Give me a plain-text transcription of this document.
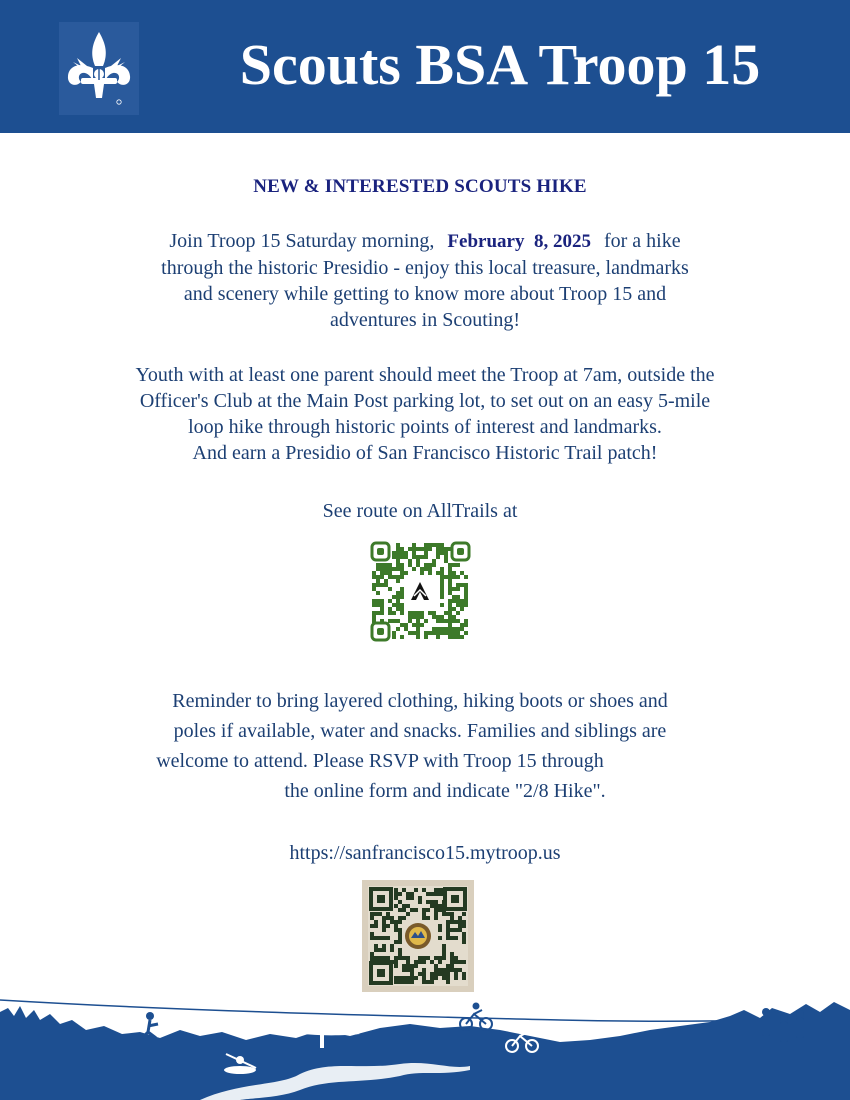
Scouts BSA Troop 15
NEW & INTERESTED SCOUTS HIKE
Join Troop 15 Saturday morning, February  8, 2025 for a hike
through the historic Presidio - enjoy this local treasure, landmarks
and scenery while getting to know more about Troop 15 and
adventures in Scouting!
Youth with at least one parent should meet the Troop at 7am, outside the
Officer's Club at the Main Post parking lot, to set out on an easy 5-mile
loop hike through historic points of interest and landmarks.
And earn a Presidio of San Francisco Historic Trail patch!
See route on AllTrails at
Reminder to bring layered clothing, hiking boots or shoes and
poles if available, water and snacks. Families and siblings are
welcome to attend. Please RSVP with Troop 15 through
the online form and indicate "2/8 Hike".
https://sanfrancisco15.mytroop.us
